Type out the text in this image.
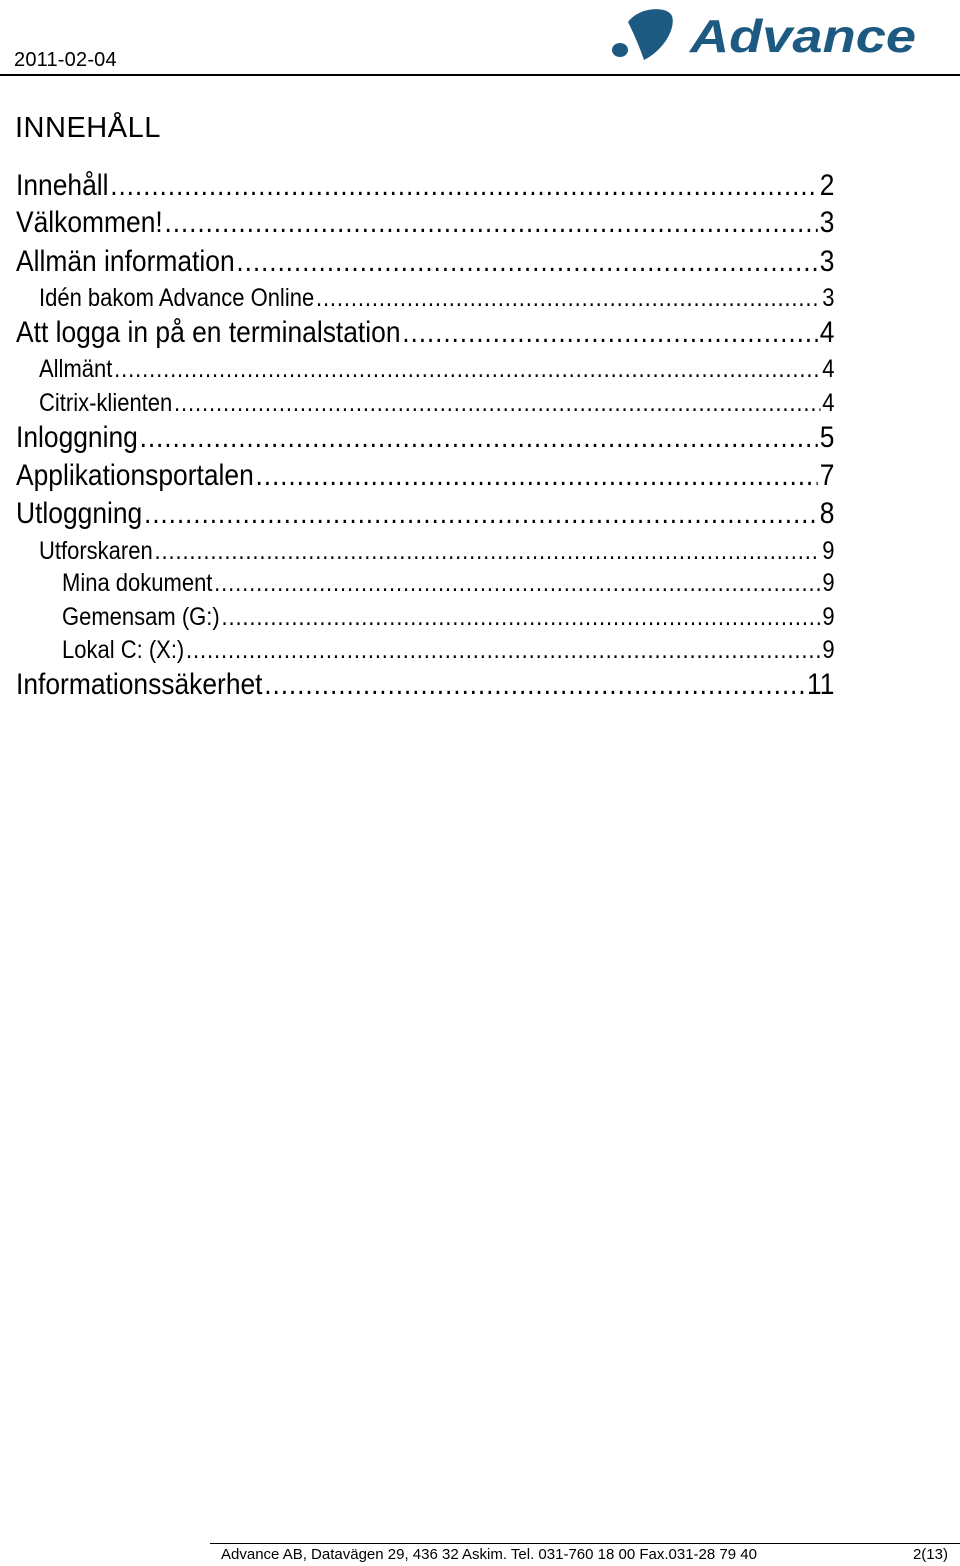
2011-02-04	Advance
INNEHÅLL
Innehåll .....	2
Välkommen! .....	3
Allmän information .....	3
Idén bakom Advance Online .....	3
Att logga in på en terminalstation .....	4
Allmänt .....	4
Citrix-klienten .....	4
Inloggning .....	5
Applikationsportalen .....	7
Utloggning .....	8
Utforskaren .....	9
Mina dokument .....	9
Gemensam (G:) .....	9
Lokal C: (X:) .....	9
Informationssäkerhet .....	11
Advance AB, Datavägen 29, 436 32 Askim. Tel. 031-760 18 00 Fax.031-28 79 40	2(13)
